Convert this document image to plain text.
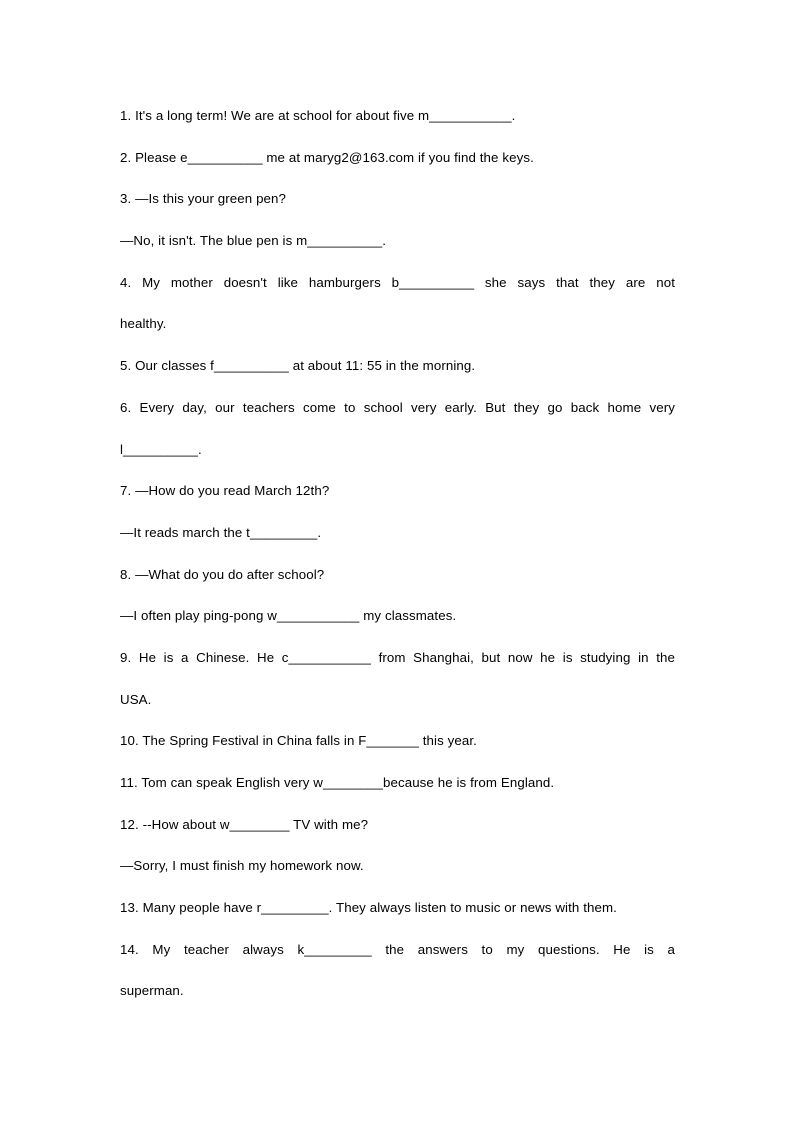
1. It's a long term! We are at school for about five m___________.
2. Please e__________ me at maryg2@163.com if you find the keys.
3. —Is this your green pen?
—No, it isn't. The blue pen is m__________.
4. My mother doesn't like hamburgers b__________ she says that they are not
healthy.
5. Our classes f__________ at about 11: 55 in the morning.
6. Every day, our teachers come to school very early. But they go back home very
l__________.
7. —How do you read March 12th?
—It reads march the t_________.
8. —What do you do after school?
—I often play ping-pong w___________ my classmates.
9. He is a Chinese. He c___________ from Shanghai, but now he is studying in the
USA.
10. The Spring Festival in China falls in F_______ this year.
11. Tom can speak English very w________because he is from England.
12. --How about w________ TV with me?
—Sorry, I must finish my homework now.
13. Many people have r_________. They always listen to music or news with them.
14. My teacher always k_________ the answers to my questions. He is a
superman.
